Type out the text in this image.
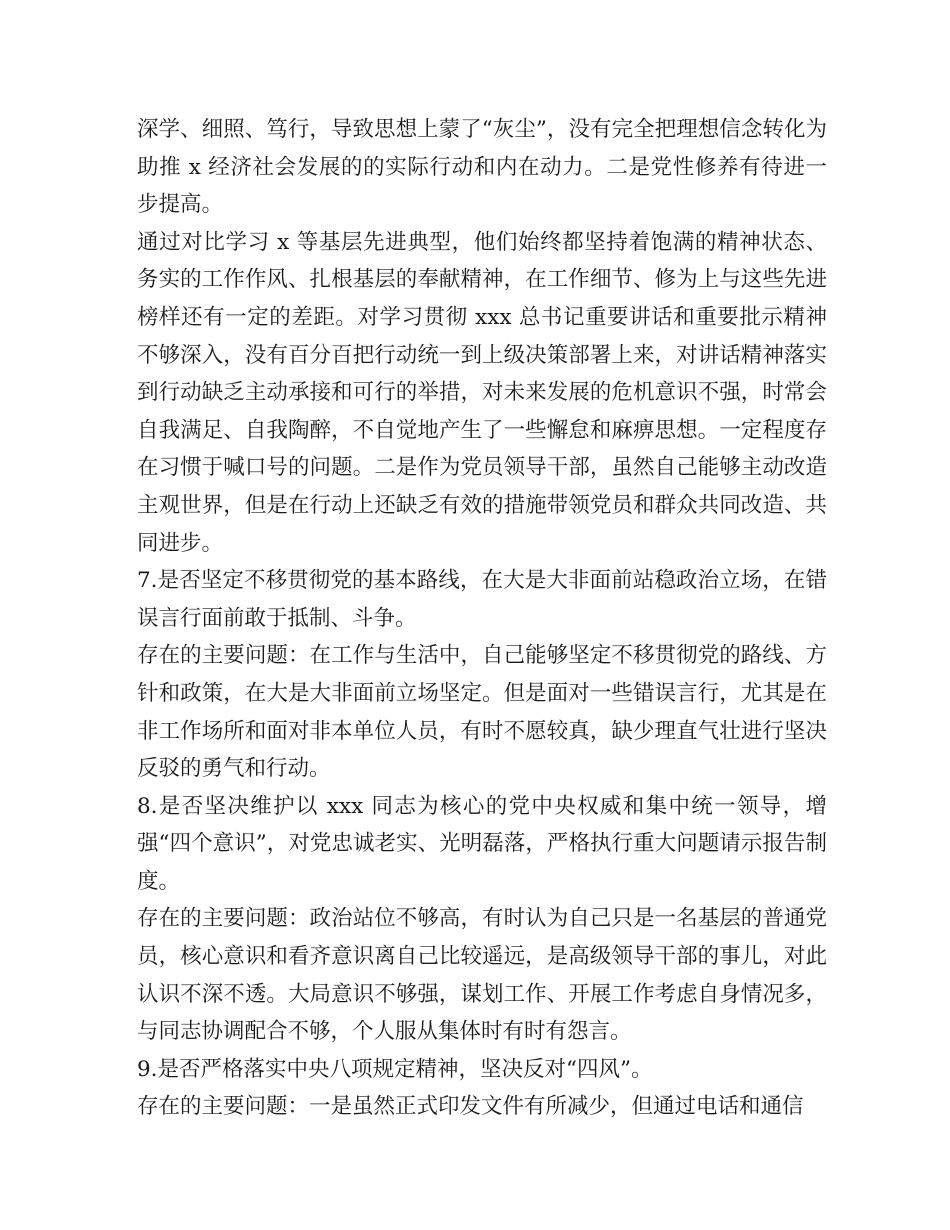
深学、细照、笃行，导致思想上蒙了“灰尘”，没有完全把理想信念转化为助推 x 经济社会发展的的实际行动和内在动力。二是党性修养有待进一步提高。

通过对比学习 x 等基层先进典型，他们始终都坚持着饱满的精神状态、务实的工作作风、扎根基层的奉献精神，在工作细节、修为上与这些先进榜样还有一定的差距。对学习贯彻 xxx 总书记重要讲话和重要批示精神不够深入，没有百分百把行动统一到上级决策部署上来，对讲话精神落实到行动缺乏主动承接和可行的举措，对未来发展的危机意识不强，时常会自我满足、自我陶醉，不自觉地产生了一些懈怠和麻痹思想。一定程度存在习惯于喊口号的问题。二是作为党员领导干部，虽然自己能够主动改造主观世界，但是在行动上还缺乏有效的措施带领党员和群众共同改造、共同进步。

7.是否坚定不移贯彻党的基本路线，在大是大非面前站稳政治立场，在错误言行面前敢于抵制、斗争。

存在的主要问题：在工作与生活中，自己能够坚定不移贯彻党的路线、方针和政策，在大是大非面前立场坚定。但是面对一些错误言行，尤其是在非工作场所和面对非本单位人员，有时不愿较真，缺少理直气壮进行坚决反驳的勇气和行动。

8.是否坚决维护以 xxx 同志为核心的党中央权威和集中统一领导，增强“四个意识”，对党忠诚老实、光明磊落，严格执行重大问题请示报告制度。

存在的主要问题：政治站位不够高，有时认为自己只是一名基层的普通党员，核心意识和看齐意识离自己比较遥远，是高级领导干部的事儿，对此认识不深不透。大局意识不够强，谋划工作、开展工作考虑自身情况多，与同志协调配合不够，个人服从集体时有时有怨言。

9.是否严格落实中央八项规定精神，坚决反对“四风”。

存在的主要问题：一是虽然正式印发文件有所减少，但通过电话和通信
